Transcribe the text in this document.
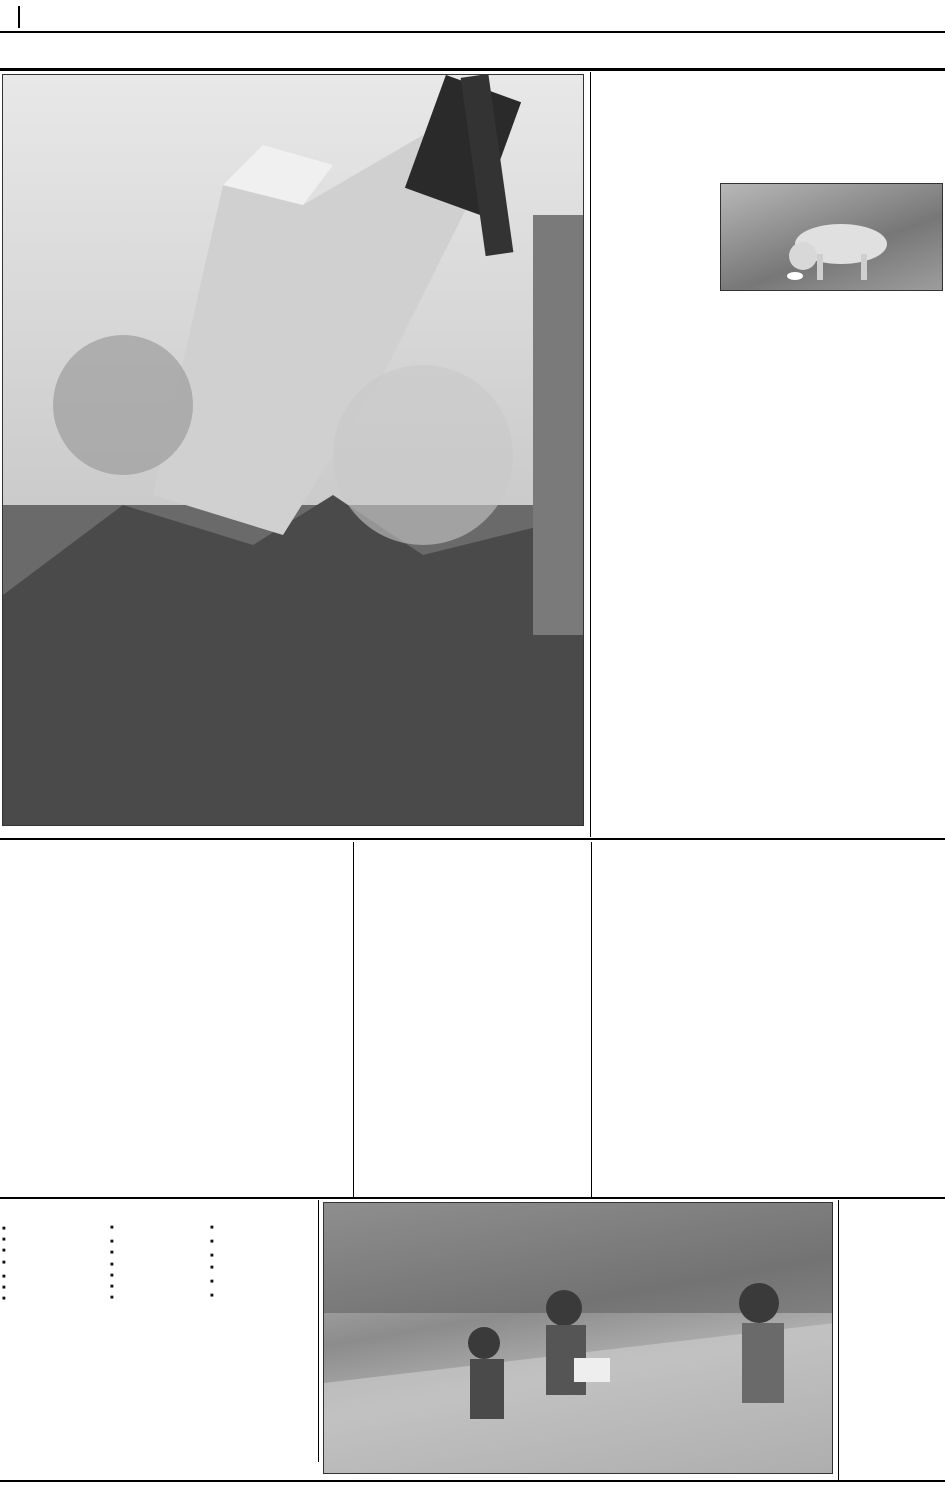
■
■
■
■
■
■
■
■
■
■
■
■
■
■
■
■
■
■
■
■
